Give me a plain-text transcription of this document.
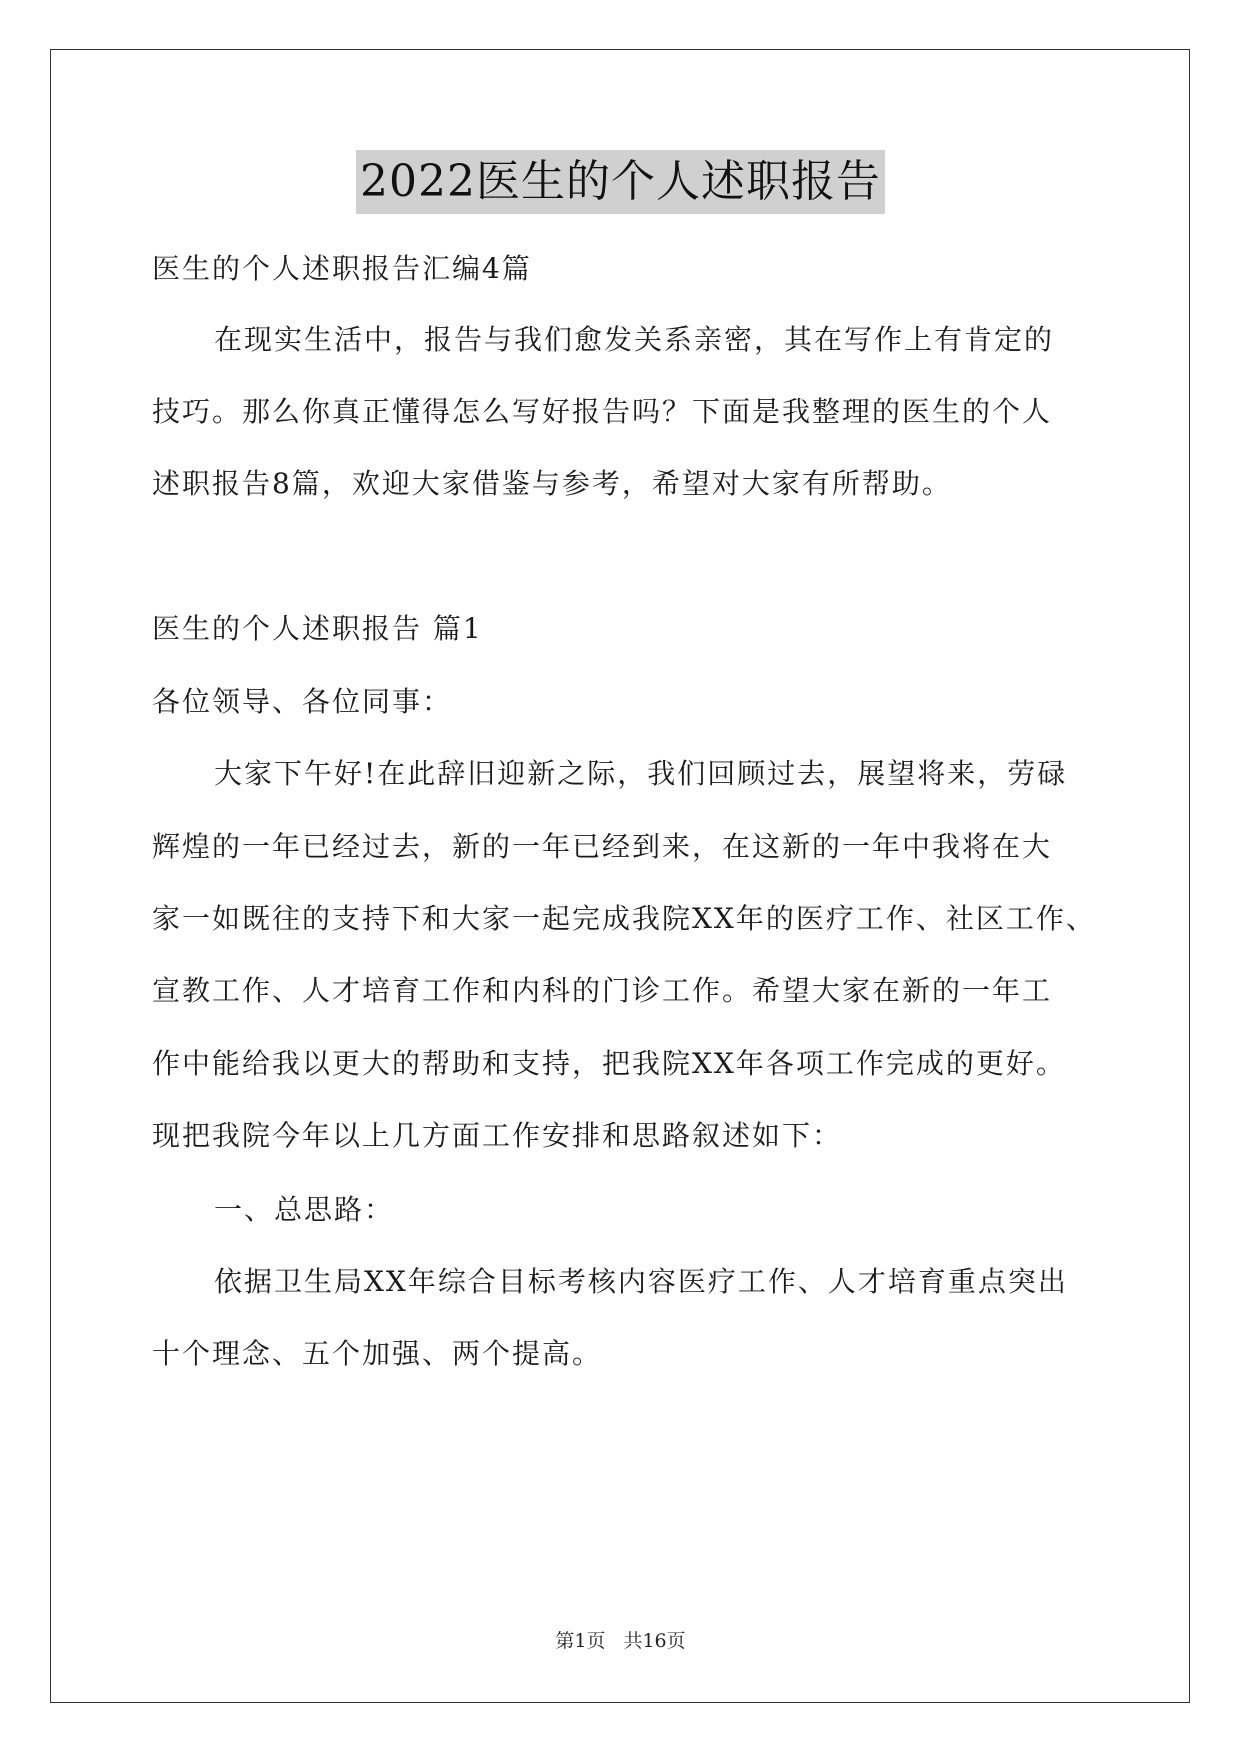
2022医生的个人述职报告
医生的个人述职报告汇编4篇
在现实生活中，报告与我们愈发关系亲密，其在写作上有肯定的
技巧。那么你真正懂得怎么写好报告吗？下面是我整理的医生的个人
述职报告8篇，欢迎大家借鉴与参考，希望对大家有所帮助。
医生的个人述职报告 篇1
各位领导、各位同事：
大家下午好!在此辞旧迎新之际，我们回顾过去，展望将来，劳碌
辉煌的一年已经过去，新的一年已经到来，在这新的一年中我将在大
家一如既往的支持下和大家一起完成我院XX年的医疗工作、社区工作、
宣教工作、人才培育工作和内科的门诊工作。希望大家在新的一年工
作中能给我以更大的帮助和支持，把我院XX年各项工作完成的更好。
现把我院今年以上几方面工作安排和思路叙述如下：
一、总思路：
依据卫生局XX年综合目标考核内容医疗工作、人才培育重点突出
十个理念、五个加强、两个提高。
第1页 共16页
